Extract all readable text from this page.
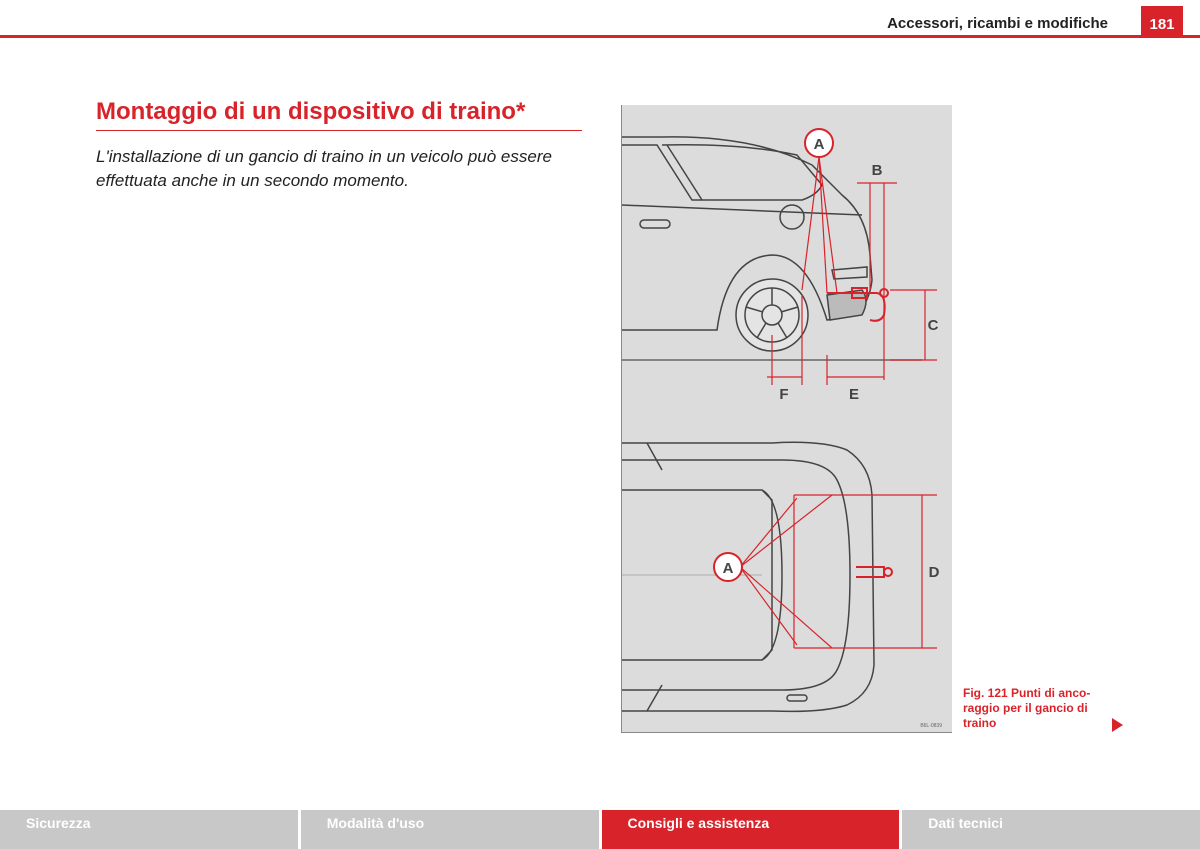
Accessori, ricambi e modifiche	181
Montaggio di un dispositivo di traino*
L'installazione di un gancio di traino in un veicolo può essere effettuata anche in un secondo momento.
A
A
B
C
D
E
F
B6L-0839
Fig. 121 Punti di anco-raggio per il gancio di traino
Sicurezza	Modalità d'uso	Consigli e assistenza	Dati tecnici
